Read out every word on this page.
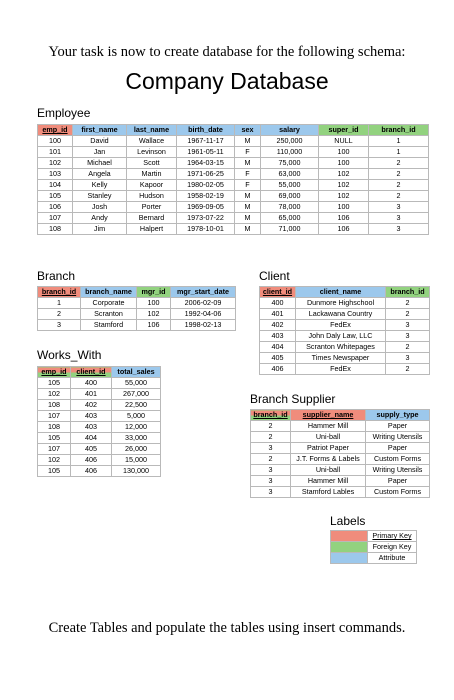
Your task is now to create database for the following schema:
Company Database
Employee
emp_id	first_name	last_name	birth_date	sex	salary	super_id	branch_id
100	David	Wallace	1967-11-17	M	250,000	NULL	1
101	Jan	Levinson	1961-05-11	F	110,000	100	1
102	Michael	Scott	1964-03-15	M	75,000	100	2
103	Angela	Martin	1971-06-25	F	63,000	102	2
104	Kelly	Kapoor	1980-02-05	F	55,000	102	2
105	Stanley	Hudson	1958-02-19	M	69,000	102	2
106	Josh	Porter	1969-09-05	M	78,000	100	3
107	Andy	Bernard	1973-07-22	M	65,000	106	3
108	Jim	Halpert	1978-10-01	M	71,000	106	3
Branch
branch_id	branch_name	mgr_id	mgr_start_date
1	Corporate	100	2006-02-09
2	Scranton	102	1992-04-06
3	Stamford	106	1998-02-13
Works_With
emp_id	client_id	total_sales
105	400	55,000
102	401	267,000
108	402	22,500
107	403	5,000
108	403	12,000
105	404	33,000
107	405	26,000
102	406	15,000
105	406	130,000
Client
client_id	client_name	branch_id
400	Dunmore Highschool	2
401	Lackawana Country	2
402	FedEx	3
403	John Daly Law, LLC	3
404	Scranton Whitepages	2
405	Times Newspaper	3
406	FedEx	2
Branch Supplier
branch_id	supplier_name	supply_type
2	Hammer Mill	Paper
2	Uni-ball	Writing Utensils
3	Patriot Paper	Paper
2	J.T. Forms & Labels	Custom Forms
3	Uni-ball	Writing Utensils
3	Hammer Mill	Paper
3	Stamford Lables	Custom Forms
Labels
	Primary Key
	Foreign Key
	Attribute
Create Tables and populate the tables using insert commands.
